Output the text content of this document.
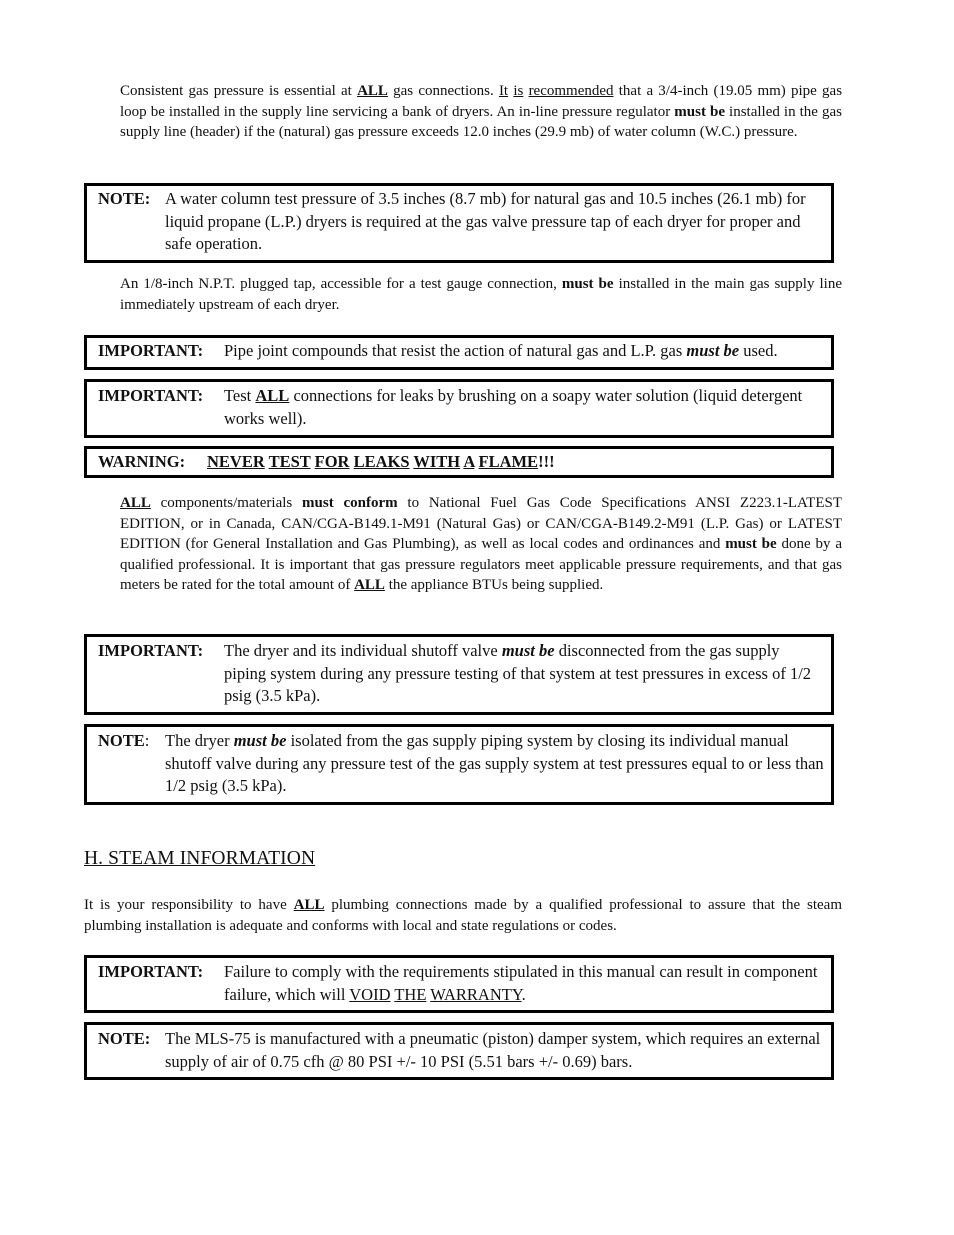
Consistent gas pressure is essential at ALL gas connections. It is recommended that a 3/4-inch (19.05 mm) pipe gas loop be installed in the supply line servicing a bank of dryers. An in-line pressure regulator must be installed in the gas supply line (header) if the (natural) gas pressure exceeds 12.0 inches (29.9 mb) of water column (W.C.) pressure.

NOTE: A water column test pressure of 3.5 inches (8.7 mb) for natural gas and 10.5 inches (26.1 mb) for liquid propane (L.P.) dryers is required at the gas valve pressure tap of each dryer for proper and safe operation.

An 1/8-inch N.P.T. plugged tap, accessible for a test gauge connection, must be installed in the main gas supply line immediately upstream of each dryer.

IMPORTANT:	Pipe joint compounds that resist the action of natural gas and L.P. gas must be used.
IMPORTANT:	Test ALL connections for leaks by brushing on a soapy water solution (liquid detergent works well).
WARNING:	NEVER TEST FOR LEAKS WITH A FLAME!!!

ALL components/materials must conform to National Fuel Gas Code Specifications ANSI Z223.1-LATEST EDITION, or in Canada, CAN/CGA-B149.1-M91 (Natural Gas) or CAN/CGA-B149.2-M91 (L.P. Gas) or LATEST EDITION (for General Installation and Gas Plumbing), as well as local codes and ordinances and must be done by a qualified professional. It is important that gas pressure regulators meet applicable pressure requirements, and that gas meters be rated for the total amount of ALL the appliance BTUs being supplied.

IMPORTANT:	The dryer and its individual shutoff valve must be disconnected from the gas supply piping system during any pressure testing of that system at test pressures in excess of 1/2 psig (3.5 kPa).
NOTE: The dryer must be isolated from the gas supply piping system by closing its individual manual shutoff valve during any pressure test of the gas supply system at test pressures equal to or less than 1/2 psig (3.5 kPa).
H. STEAM INFORMATION

It is your responsibility to have ALL plumbing connections made by a qualified professional to assure that the steam plumbing installation is adequate and conforms with local and state regulations or codes.

IMPORTANT:	Failure to comply with the requirements stipulated in this manual can result in component failure, which will VOID THE WARRANTY.
NOTE: The MLS-75 is manufactured with a pneumatic (piston) damper system, which requires an external supply of air of 0.75 cfh @ 80 PSI +/- 10 PSI (5.51 bars +/- 0.69) bars.
